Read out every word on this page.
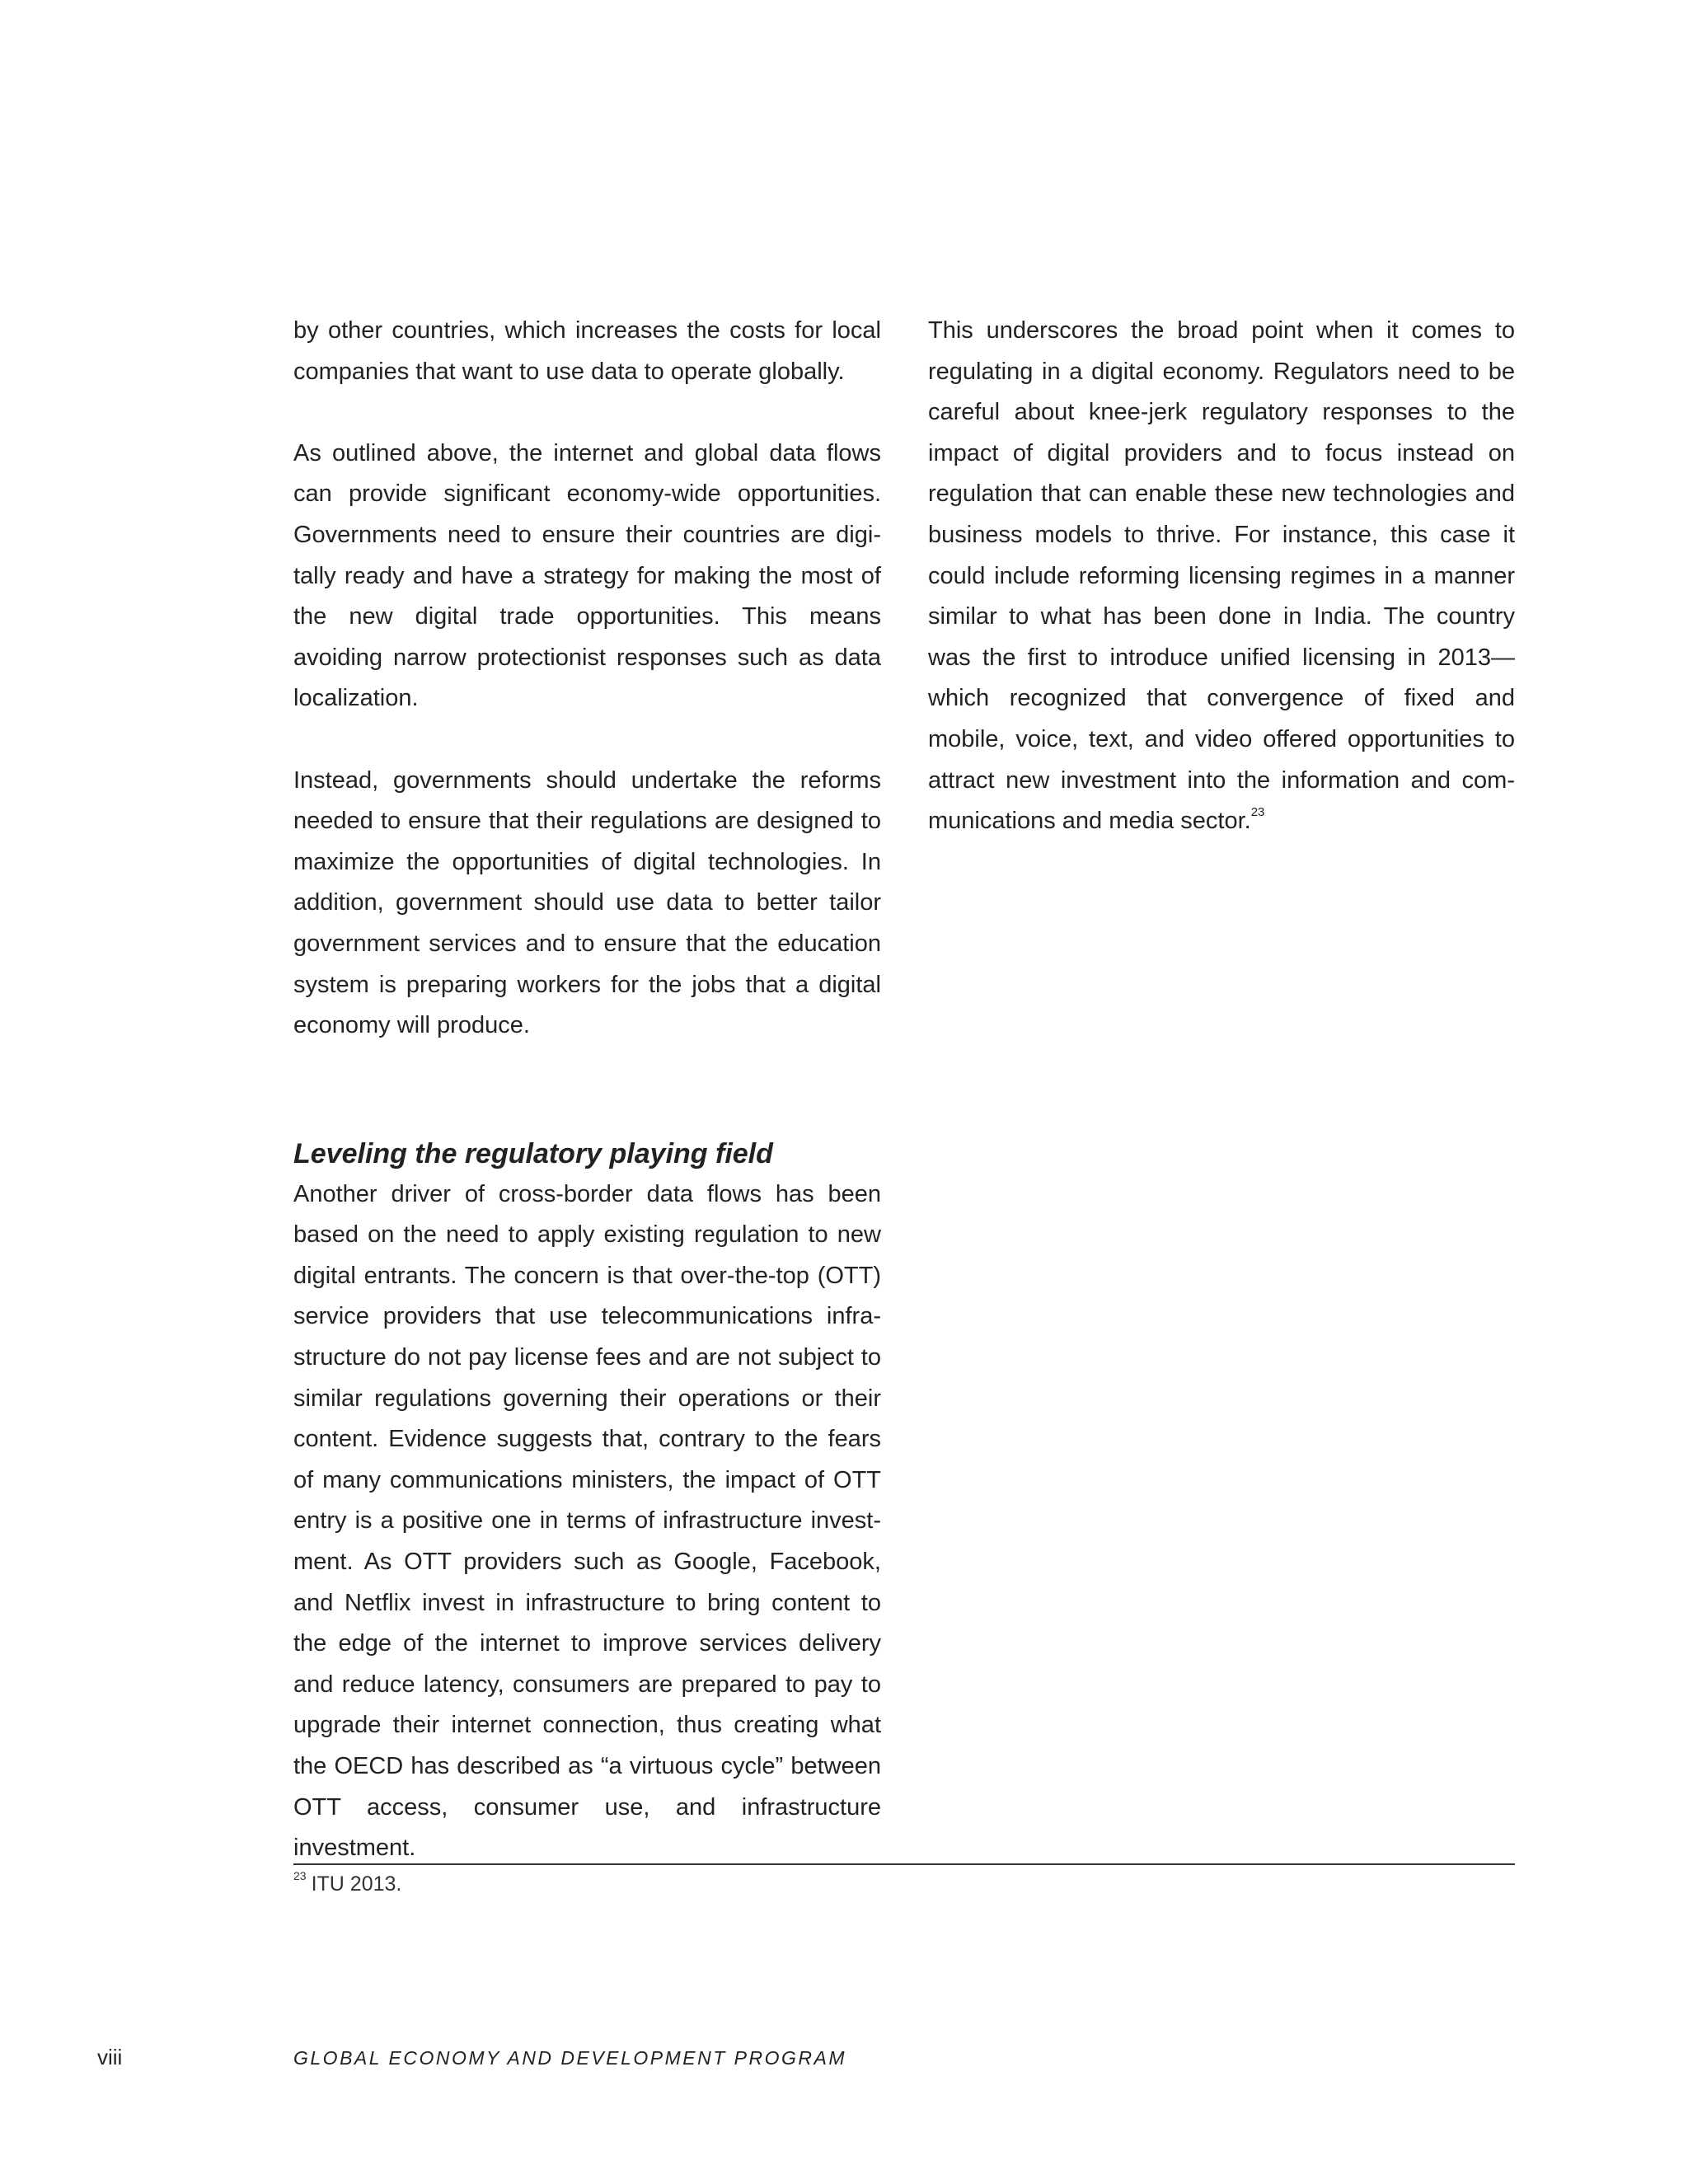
by other countries, which increases the costs for local companies that want to use data to operate globally.

As outlined above, the internet and global data flows can provide significant economy-wide opportunities. Governments need to ensure their countries are digitally ready and have a strategy for making the most of the new digital trade opportunities. This means avoiding narrow protectionist responses such as data localization.

Instead, governments should undertake the reforms needed to ensure that their regulations are designed to maximize the opportunities of digital technologies. In addition, government should use data to better tailor government services and to ensure that the education system is preparing workers for the jobs that a digital economy will produce.

Leveling the regulatory playing field

Another driver of cross-border data flows has been based on the need to apply existing regulation to new digital entrants. The concern is that over-the-top (OTT) service providers that use telecommunications infrastructure do not pay license fees and are not subject to similar regulations governing their operations or their content. Evidence suggests that, contrary to the fears of many communications ministers, the impact of OTT entry is a positive one in terms of infrastructure investment. As OTT providers such as Google, Facebook, and Netflix invest in infrastructure to bring content to the edge of the internet to improve services delivery and reduce latency, consumers are prepared to pay to upgrade their internet connection, thus creating what the OECD has described as “a virtuous cycle” between OTT access, consumer use, and infrastructure investment.

This underscores the broad point when it comes to regulating in a digital economy. Regulators need to be careful about knee-jerk regulatory responses to the impact of digital providers and to focus instead on regulation that can enable these new technologies and business models to thrive. For instance, this case it could include reforming licensing regimes in a manner similar to what has been done in India. The country was the first to introduce unified licensing in 2013—which recognized that convergence of fixed and mobile, voice, text, and video offered opportunities to attract new investment into the information and communications and media sector.$^{23}$

$^{23}$ ITU 2013.
viii	GLOBAL ECONOMY AND DEVELOPMENT PROGRAM
